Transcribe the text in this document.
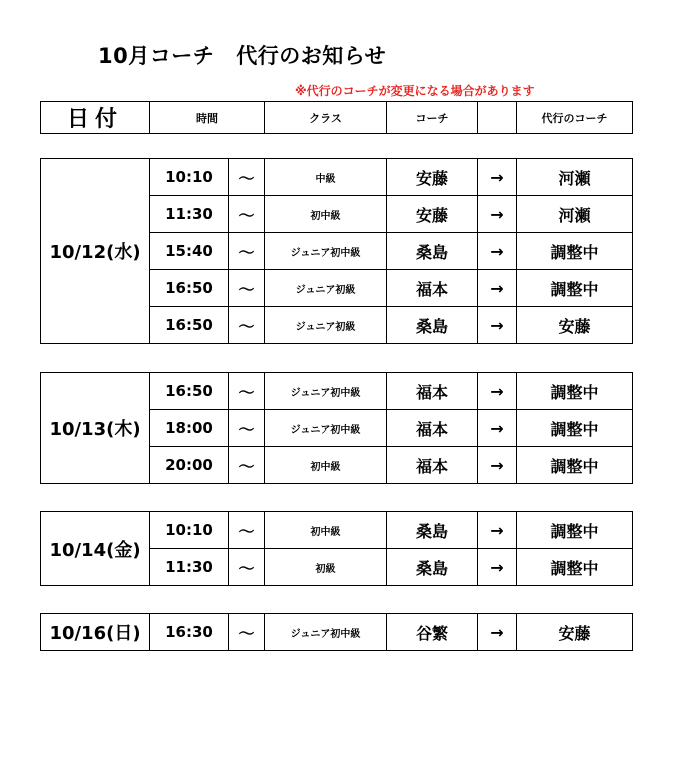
10月コーチ 代行のお知らせ
※代行のコーチが変更になる場合があります
日付	時間	クラス	コーチ		代行のコーチ
10/12(水)	10:10	〜	中級	安藤	→	河瀬
	11:30	〜	初中級	安藤	→	河瀬
	15:40	〜	ジュニア初中級	桑島	→	調整中
	16:50	〜	ジュニア初級	福本	→	調整中
	16:50	〜	ジュニア初級	桑島	→	安藤
10/13(木)	16:50	〜	ジュニア初中級	福本	→	調整中
	18:00	〜	ジュニア初中級	福本	→	調整中
	20:00	〜	初中級	福本	→	調整中
10/14(金)	10:10	〜	初中級	桑島	→	調整中
	11:30	〜	初級	桑島	→	調整中
10/16(日)	16:30	〜	ジュニア初中級	谷繁	→	安藤
